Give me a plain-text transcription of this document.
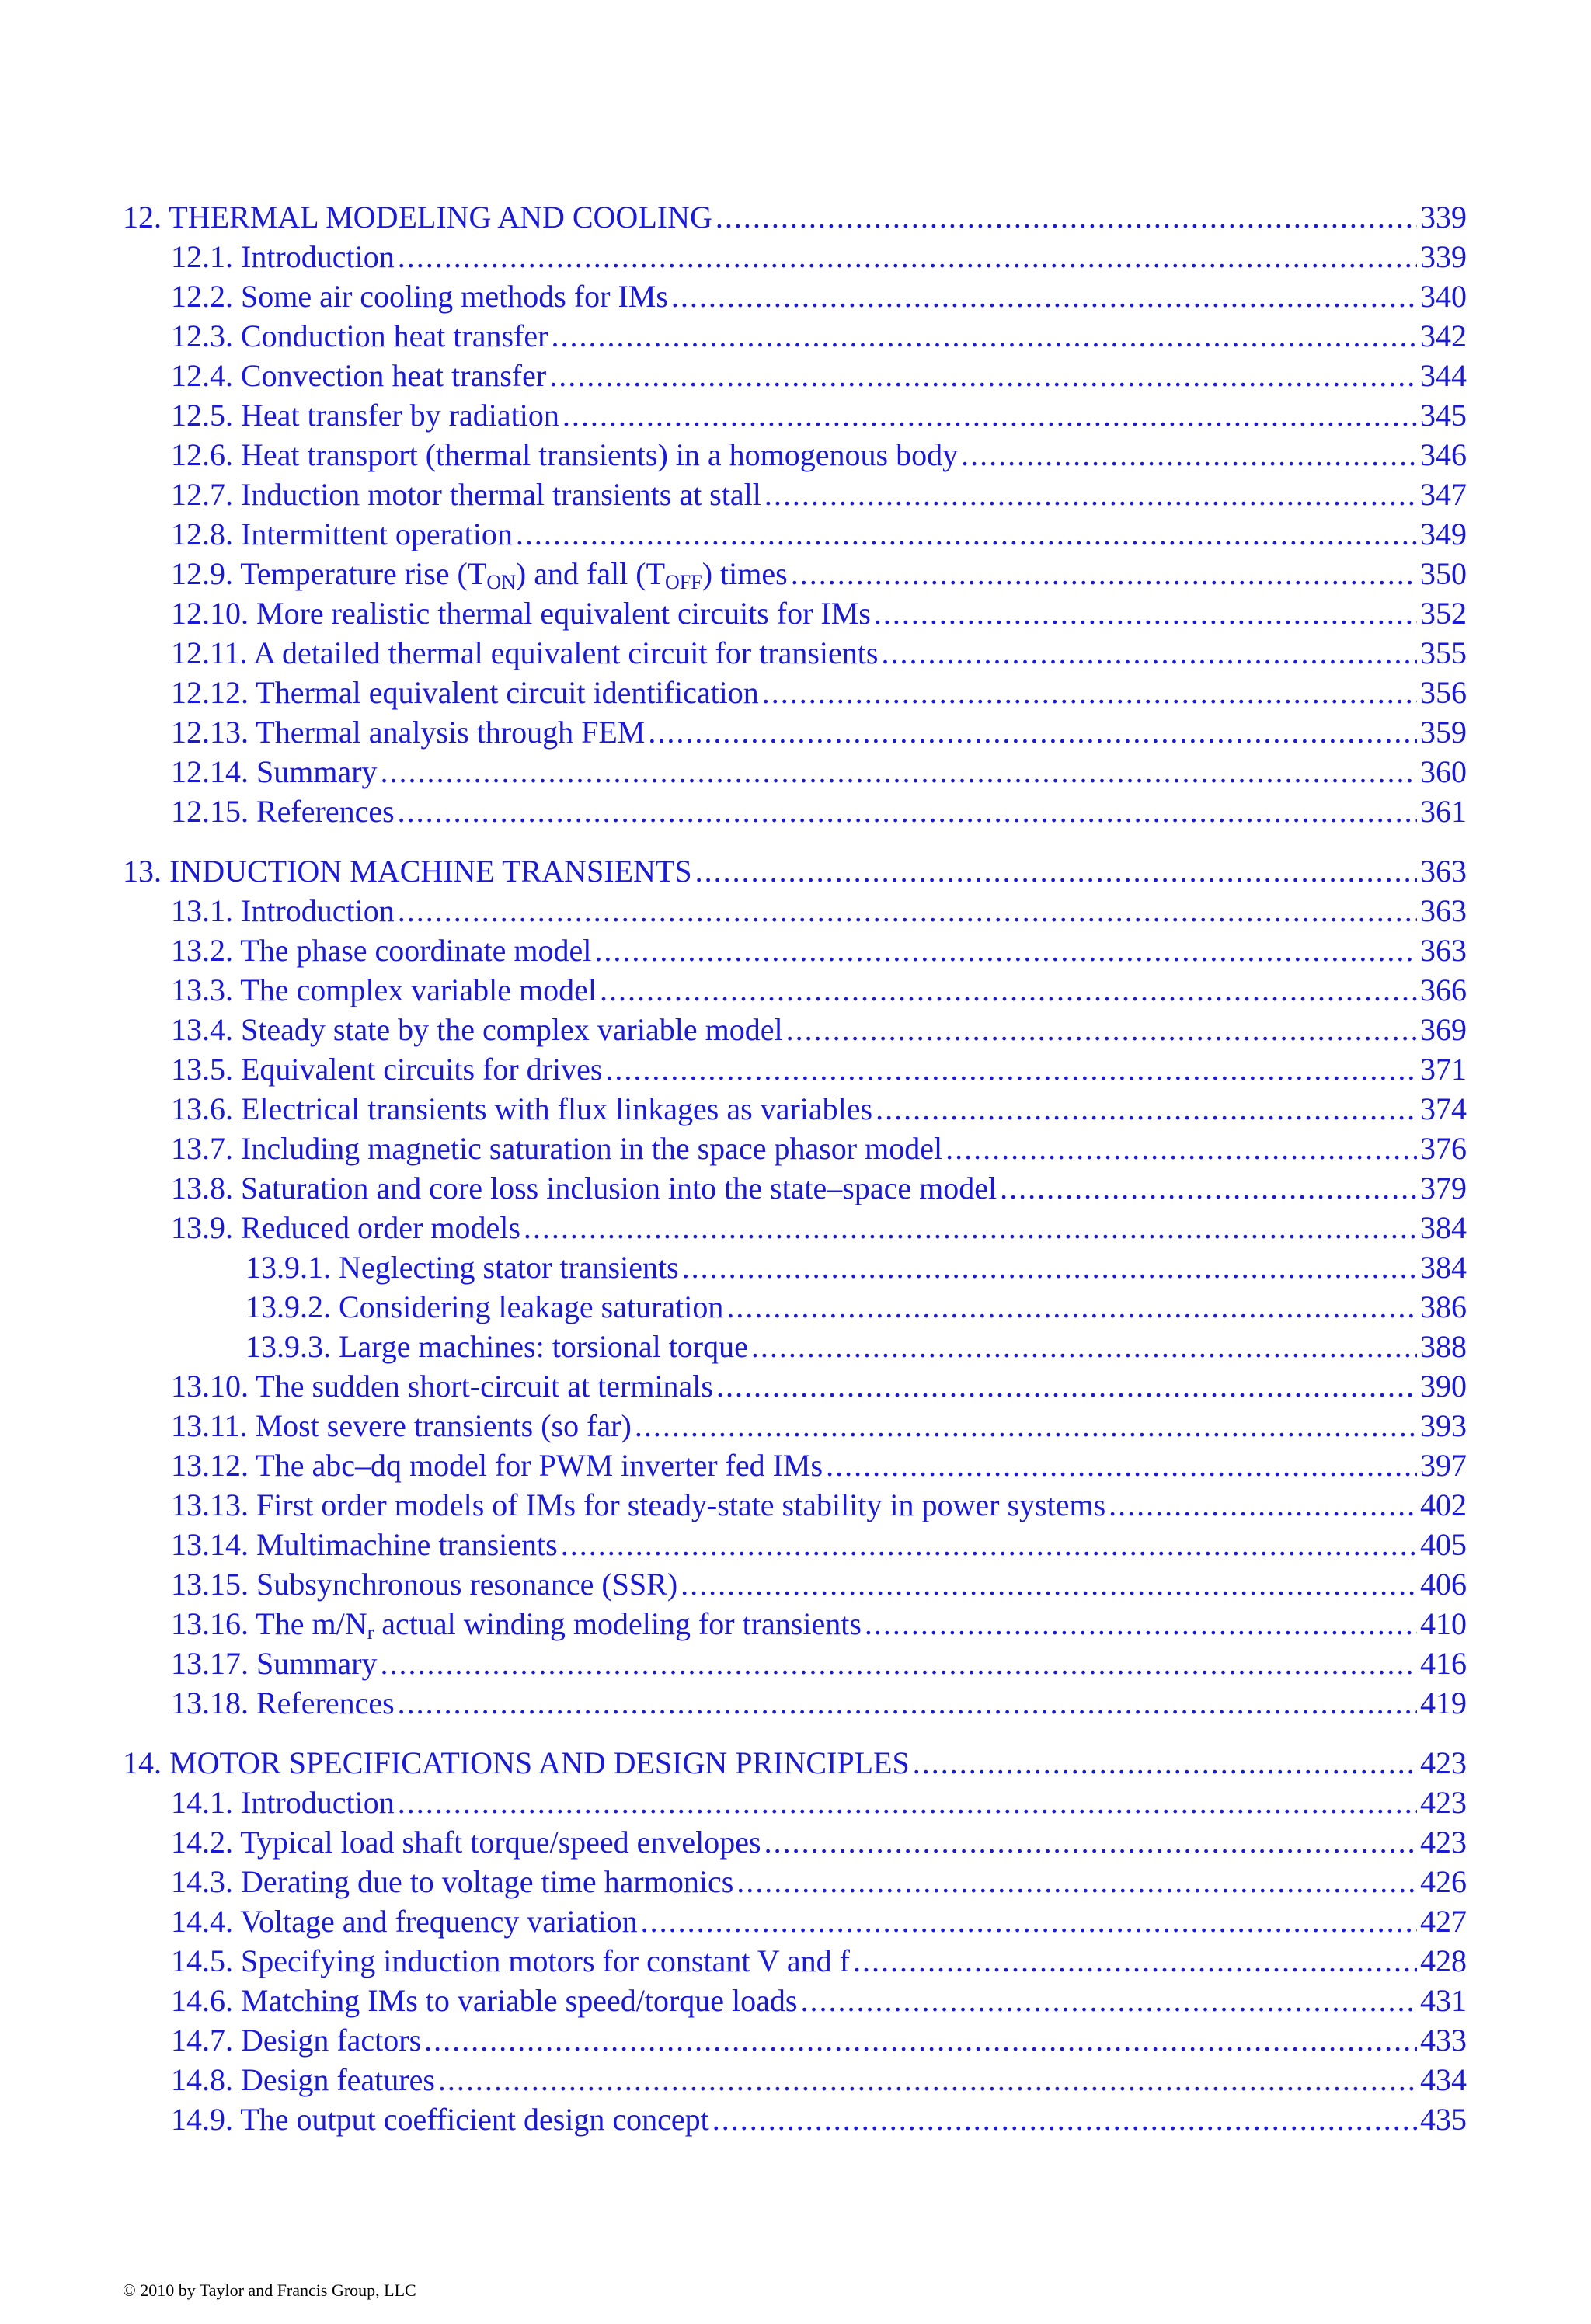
12. THERMAL MODELING AND COOLING .....	339
12.1. Introduction .....	339
12.2. Some air cooling methods for IMs .....	340
12.3. Conduction heat transfer .....	342
12.4. Convection heat transfer .....	344
12.5. Heat transfer by radiation .....	345
12.6. Heat transport (thermal transients) in a homogenous body .....	346
12.7. Induction motor thermal transients at stall .....	347
12.8. Intermittent operation .....	349
12.9. Temperature rise $(T_{ON})$ and fall $(T_{OFF})$ times .....	350
12.10. More realistic thermal equivalent circuits for IMs .....	352
12.11. A detailed thermal equivalent circuit for transients .....	355
12.12. Thermal equivalent circuit identification .....	356
12.13. Thermal analysis through FEM .....	359
12.14. Summary .....	360
12.15. References .....	361
13. INDUCTION MACHINE TRANSIENTS .....	363
13.1. Introduction .....	363
13.2. The phase coordinate model .....	363
13.3. The complex variable model .....	366
13.4. Steady state by the complex variable model .....	369
13.5. Equivalent circuits for drives .....	371
13.6. Electrical transients with flux linkages as variables .....	374
13.7. Including magnetic saturation in the space phasor model .....	376
13.8. Saturation and core loss inclusion into the state–space model .....	379
13.9. Reduced order models .....	384
13.9.1. Neglecting stator transients .....	384
13.9.2. Considering leakage saturation .....	386
13.9.3. Large machines: torsional torque .....	388
13.10. The sudden short-circuit at terminals .....	390
13.11. Most severe transients (so far) .....	393
13.12. The abc–dq model for PWM inverter fed IMs .....	397
13.13. First order models of IMs for steady-state stability in power systems .....	402
13.14. Multimachine transients .....	405
13.15. Subsynchronous resonance (SSR) .....	406
13.16. The $m/N_r$ actual winding modeling for transients .....	410
13.17. Summary .....	416
13.18. References .....	419
14. MOTOR SPECIFICATIONS AND DESIGN PRINCIPLES .....	423
14.1. Introduction .....	423
14.2. Typical load shaft torque/speed envelopes .....	423
14.3. Derating due to voltage time harmonics .....	426
14.4. Voltage and frequency variation .....	427
14.5. Specifying induction motors for constant V and f .....	428
14.6. Matching IMs to variable speed/torque loads .....	431
14.7. Design factors .....	433
14.8. Design features .....	434
14.9. The output coefficient design concept .....	435
© 2010 by Taylor and Francis Group, LLC
